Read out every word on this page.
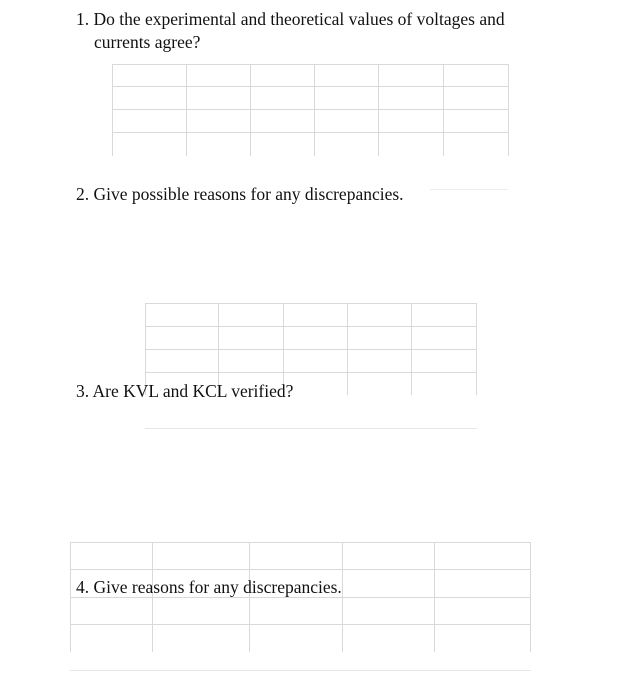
1. Do the experimental and theoretical values of voltages and
currents agree?
2. Give possible reasons for any discrepancies.
3. Are KVL and KCL verified?
4. Give reasons for any discrepancies.
